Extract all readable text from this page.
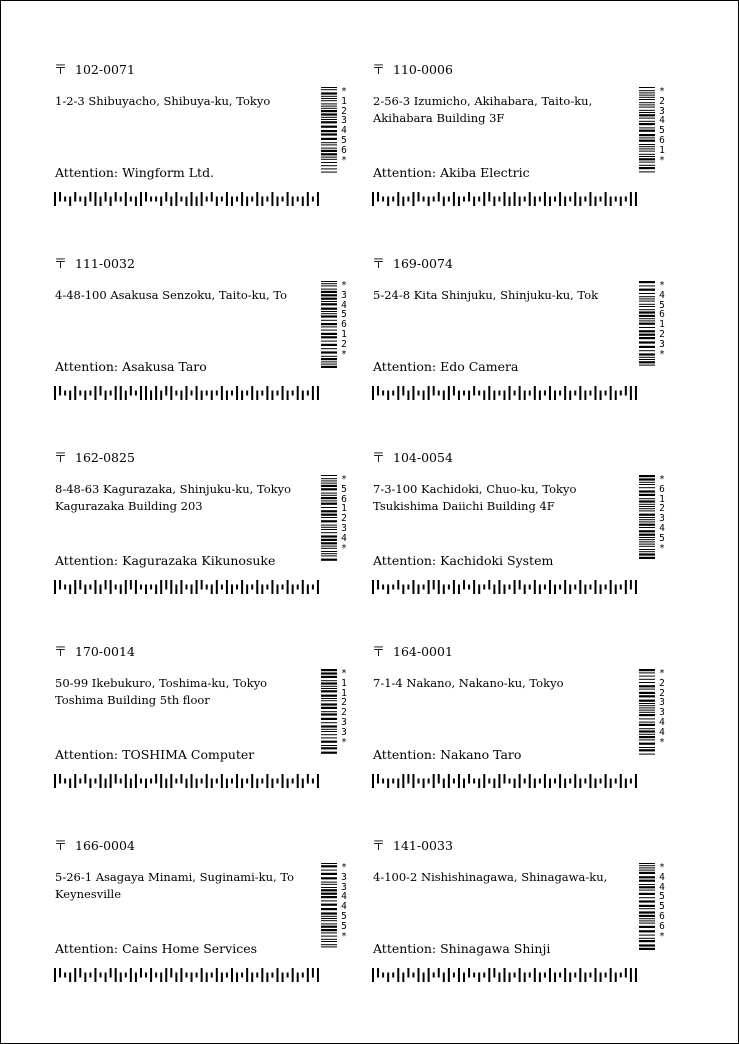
〒 102-0071
1-2-3 Shibuyacho, Shibuya-ku, Tokyo
Attention: Wingform Ltd.
*123456*
〒 110-0006
2-56-3 Izumicho, Akihabara, Taito-ku,
Akihabara Building 3F
Attention: Akiba Electric
*234561*
〒 111-0032
4-48-100 Asakusa Senzoku, Taito-ku, To
Attention: Asakusa Taro
*345612*
〒 169-0074
5-24-8 Kita Shinjuku, Shinjuku-ku, Tok
Attention: Edo Camera
*456123*
〒 162-0825
8-48-63 Kagurazaka, Shinjuku-ku, Tokyo
Kagurazaka Building 203
Attention: Kagurazaka Kikunosuke
*561234*
〒 104-0054
7-3-100 Kachidoki, Chuo-ku, Tokyo
Tsukishima Daiichi Building 4F
Attention: Kachidoki System
*612345*
〒 170-0014
50-99 Ikebukuro, Toshima-ku, Tokyo
Toshima Building 5th floor
Attention: TOSHIMA Computer
*112233*
〒 164-0001
7-1-4 Nakano, Nakano-ku, Tokyo
Attention: Nakano Taro
*223344*
〒 166-0004
5-26-1 Asagaya Minami, Suginami-ku, To
Keynesville
Attention: Cains Home Services
*334455*
〒 141-0033
4-100-2 Nishishinagawa, Shinagawa-ku,
Attention: Shinagawa Shinji
*445566*
